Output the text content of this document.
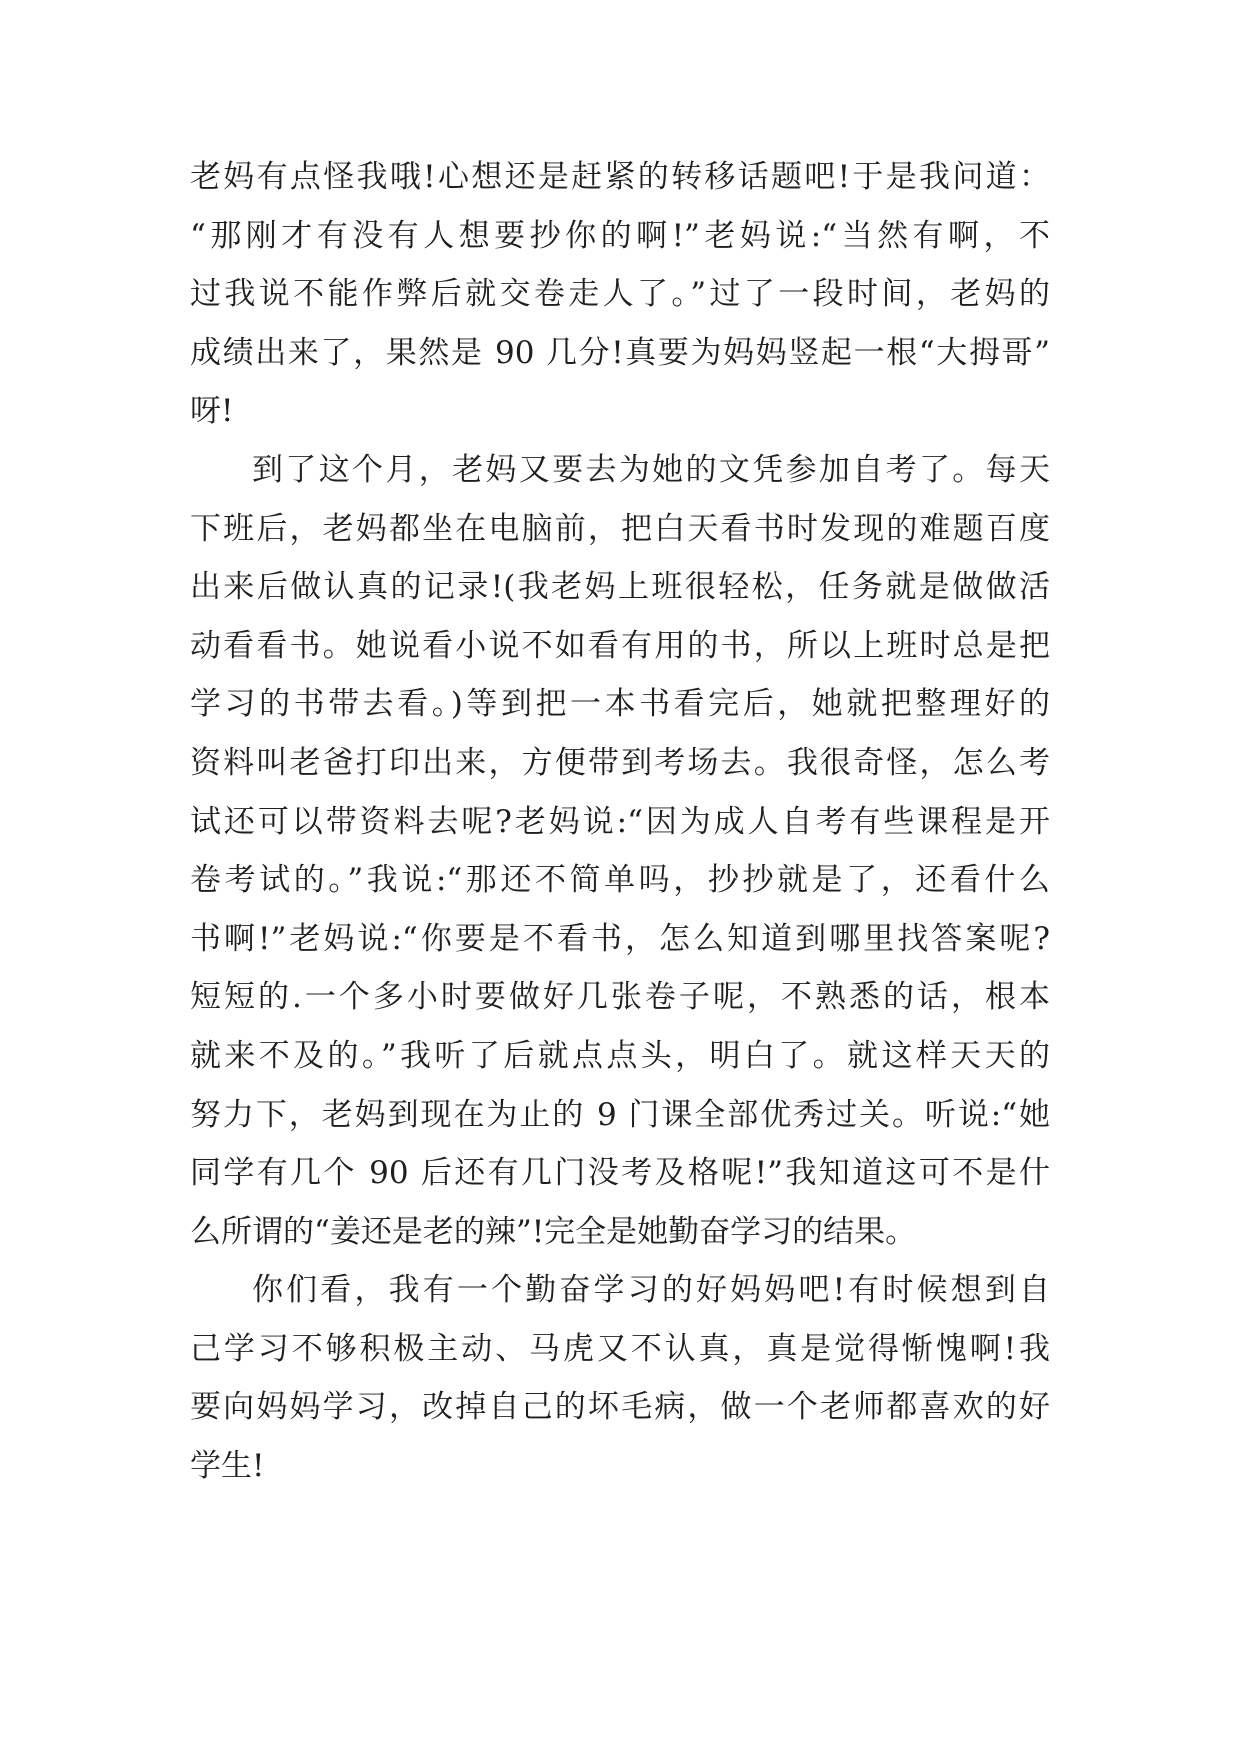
老妈有点怪我哦!心想还是赶紧的转移话题吧!于是我问道：
“那刚才有没有人想要抄你的啊!”老妈说:“当然有啊，不
过我说不能作弊后就交卷走人了。”过了一段时间，老妈的
成绩出来了，果然是 90 几分!真要为妈妈竖起一根“大拇哥”
呀!
到了这个月，老妈又要去为她的文凭参加自考了。每天
下班后，老妈都坐在电脑前，把白天看书时发现的难题百度
出来后做认真的记录!(我老妈上班很轻松，任务就是做做活
动看看书。她说看小说不如看有用的书，所以上班时总是把
学习的书带去看。)等到把一本书看完后，她就把整理好的
资料叫老爸打印出来，方便带到考场去。我很奇怪，怎么考
试还可以带资料去呢?老妈说:“因为成人自考有些课程是开
卷考试的。”我说:“那还不简单吗，抄抄就是了，还看什么
书啊!”老妈说:“你要是不看书，怎么知道到哪里找答案呢?
短短的.一个多小时要做好几张卷子呢，不熟悉的话，根本
就来不及的。”我听了后就点点头，明白了。就这样天天的
努力下，老妈到现在为止的 9 门课全部优秀过关。听说:“她
同学有几个 90 后还有几门没考及格呢!”我知道这可不是什
么所谓的“姜还是老的辣”!完全是她勤奋学习的结果。
你们看，我有一个勤奋学习的好妈妈吧!有时候想到自
己学习不够积极主动、马虎又不认真，真是觉得惭愧啊!我
要向妈妈学习，改掉自己的坏毛病，做一个老师都喜欢的好
学生!
